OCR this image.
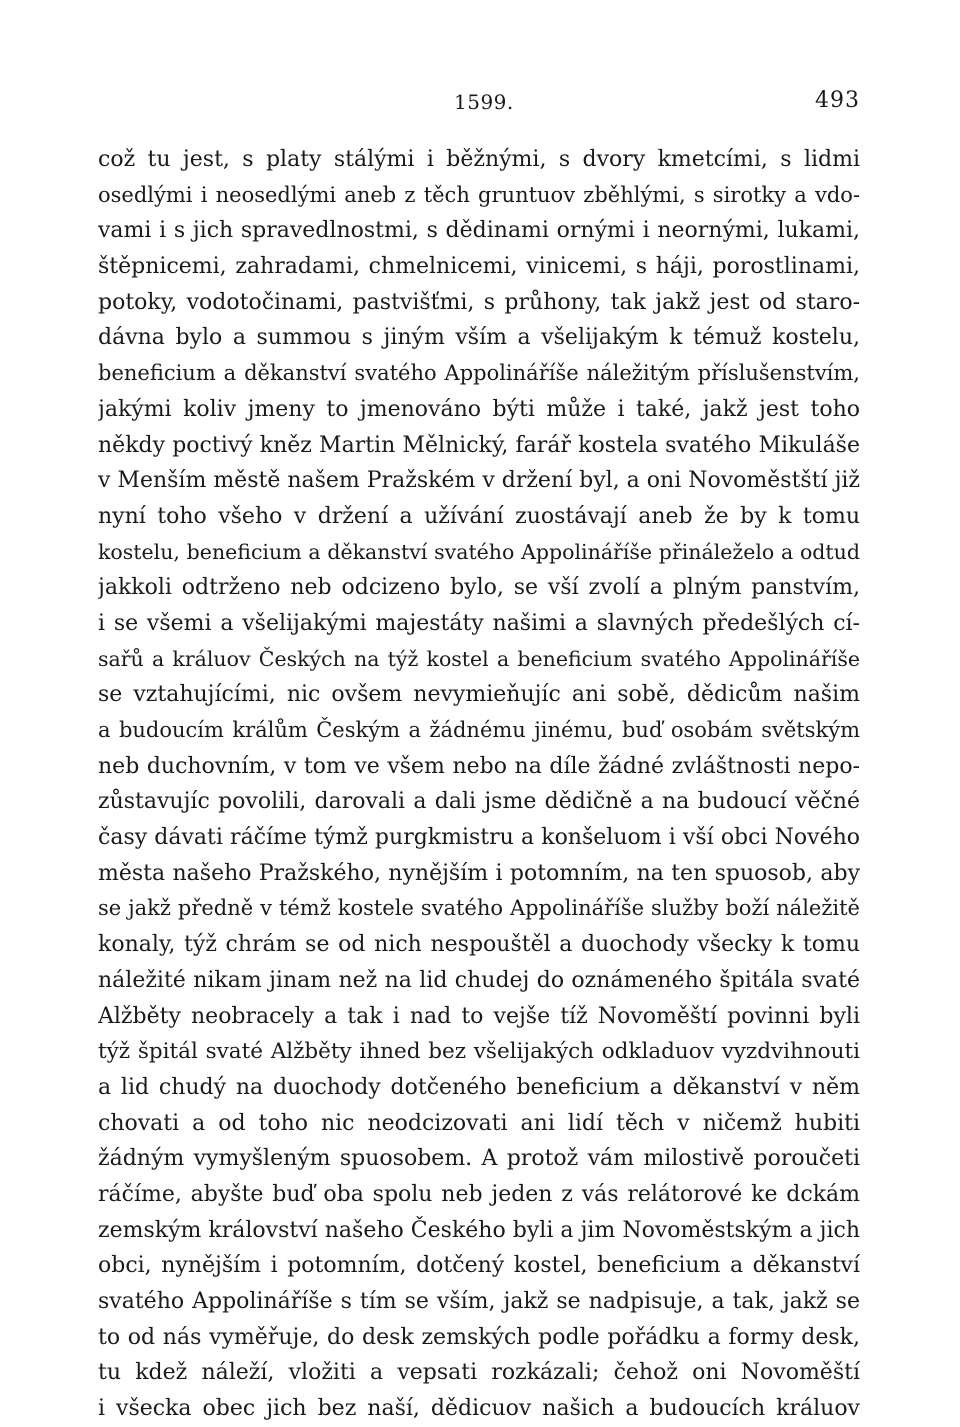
1599.	493
což tu jest, s platy stálými i běžnými, s dvory kmetcími, s lidmi
osedlými i neosedlými aneb z těch gruntuov zběhlými, s sirotky a vdo-
vami i s jich spravedlnostmi, s dědinami ornými i neornými, lukami,
štěpnicemi, zahradami, chmelnicemi, vinicemi, s háji, porostlinami,
potoky, vodotočinami, pastvišťmi, s průhony, tak jakž jest od staro-
dávna bylo a summou s jiným vším a všelijakým k témuž kostelu,
beneficium a děkanství svatého Appolináříše náležitým příslušenstvím,
jakými koliv jmeny to jmenováno býti může i také, jakž jest toho
někdy poctivý kněz Martin Mělnický, farář kostela svatého Mikuláše
v Menším městě našem Pražském v držení byl, a oni Novoměstští již
nyní toho všeho v držení a užívání zuostávají aneb že by k tomu
kostelu, beneficium a děkanství svatého Appolináříše přináleželo a odtud
jakkoli odtrženo neb odcizeno bylo, se vší zvolí a plným panstvím,
i se všemi a všelijakými majestáty našimi a slavných předešlých cí-
sařů a králuov Českých na týž kostel a beneficium svatého Appolináříše
se vztahujícími, nic ovšem nevymieňujíc ani sobě, dědicům našim
a budoucím králům Českým a žádnému jinému, buď osobám světským
neb duchovním, v tom ve všem nebo na díle žádné zvláštnosti nepo-
zůstavujíc povolili, darovali a dali jsme dědičně a na budoucí věčné
časy dávati ráčíme týmž purgkmistru a konšeluom i vší obci Nového
města našeho Pražského, nynějším i potomním, na ten spuosob, aby
se jakž předně v témž kostele svatého Appolináříše služby boží náležitě
konaly, týž chrám se od nich nespouštěl a duochody všecky k tomu
náležité nikam jinam než na lid chudej do oznámeného špitála svaté
Alžběty neobracely a tak i nad to vejše tíž Novoměští povinni byli
týž špitál svaté Alžběty ihned bez všelijakých odkladuov vyzdvihnouti
a lid chudý na duochody dotčeného beneficium a děkanství v něm
chovati a od toho nic neodcizovati ani lidí těch v ničemž hubiti
žádným vymyšleným spuosobem. A protož vám milostivě poroučeti
ráčíme, abyšte buď oba spolu neb jeden z vás relátorové ke dckám
zemským království našeho Českého byli a jim Novoměstským a jich
obci, nynějším i potomním, dotčený kostel, beneficium a děkanství
svatého Appolináříše s tím se vším, jakž se nadpisuje, a tak, jakž se
to od nás vyměřuje, do desk zemských podle pořádku a formy desk,
tu kdež náleží, vložiti a vepsati rozkázali; čehož oni Novoměští
i všecka obec jich bez naší, dědicuov našich a budoucích králuov
